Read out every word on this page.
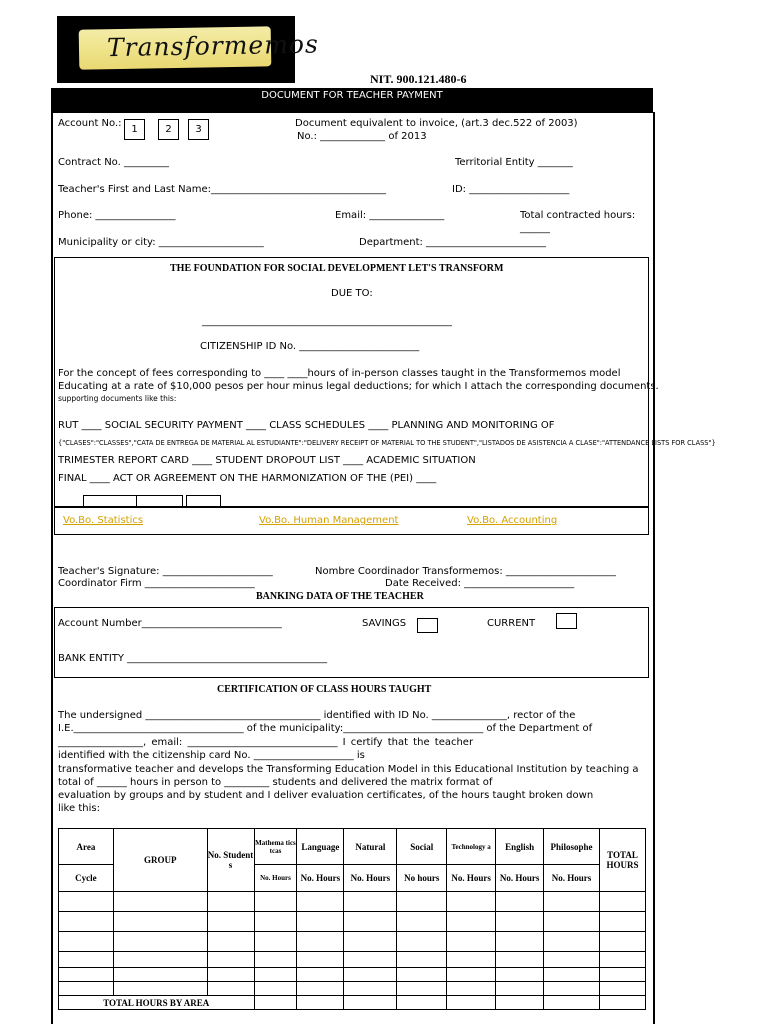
Transformemos
NIT. 900.121.480-6
DOCUMENT FOR TEACHER PAYMENT
Account No.:
1	2	3
Document equivalent to invoice, (art.3 dec.522 of 2003)
No.: _____________ of 2013
Contract No. _________	Territorial Entity _______
Teacher's First and Last Name:___________________________________	ID: ____________________
Phone: ________________	Email: _______________	Total contracted hours:
______
Municipality or city: _____________________	Department: ________________________
THE FOUNDATION FOR SOCIAL DEVELOPMENT LET'S TRANSFORM
DUE TO:
__________________________________________________
CITIZENSHIP ID No. ________________________
For the concept of fees corresponding to ____ ____hours of in-person classes taught in the Transformemos model
Educating at a rate of $10,000 pesos per hour minus legal deductions; for which I attach the corresponding documents.
supporting documents like this:
RUT ____ SOCIAL SECURITY PAYMENT ____ CLASS SCHEDULES ____ PLANNING AND MONITORING OF
{"CLASES":"CLASSES","CATA DE ENTREGA DE MATERIAL AL ESTUDIANTE":"DELIVERY RECEIPT OF MATERIAL TO THE STUDENT","LISTADOS DE ASISTENCIA A CLASE":"ATTENDANCE LISTS FOR CLASS"}
TRIMESTER REPORT CARD ____ STUDENT DROPOUT LIST ____ ACADEMIC SITUATION
FINAL ____ ACT OR AGREEMENT ON THE HARMONIZATION OF THE (PEI) ____
Vo.Bo. Statistics	Vo.Bo. Human Management	Vo.Bo. Accounting
Teacher's Signature: ______________________	Nombre Coordinador Transformemos: ______________________
Coordinator Firm ______________________	Date Received: ______________________
BANKING DATA OF THE TEACHER
Account Number____________________________	SAVINGS	CURRENT
BANK ENTITY ________________________________________
CERTIFICATION OF CLASS HOURS TAUGHT
The undersigned ___________________________________ identified with ID No. _______________, rector of the
I.E.__________________________________ of the municipality:____________________________ of the Department of
_________________, email: ______________________________ I certify that the teacher
identified with the citizenship card No. ____________________ is
transformative teacher and develops the Transforming Education Model in this Educational Institution by teaching a
total of ______ hours in person to _________ students and delivered the matrix format of
evaluation by groups and by student and I deliver evaluation certificates, of the hours taught broken down
like this:
Area	GROUP	No. Student s	Mathema tics tcas	Language	Natural	Social	Technology a	English	Philosophe	TOTAL HOURS
Cycle			No. Hours	No. Hours	No. Hours	No hours	No. Hours	No. Hours	No. Hours	

TOTAL HOURS BY AREA										
